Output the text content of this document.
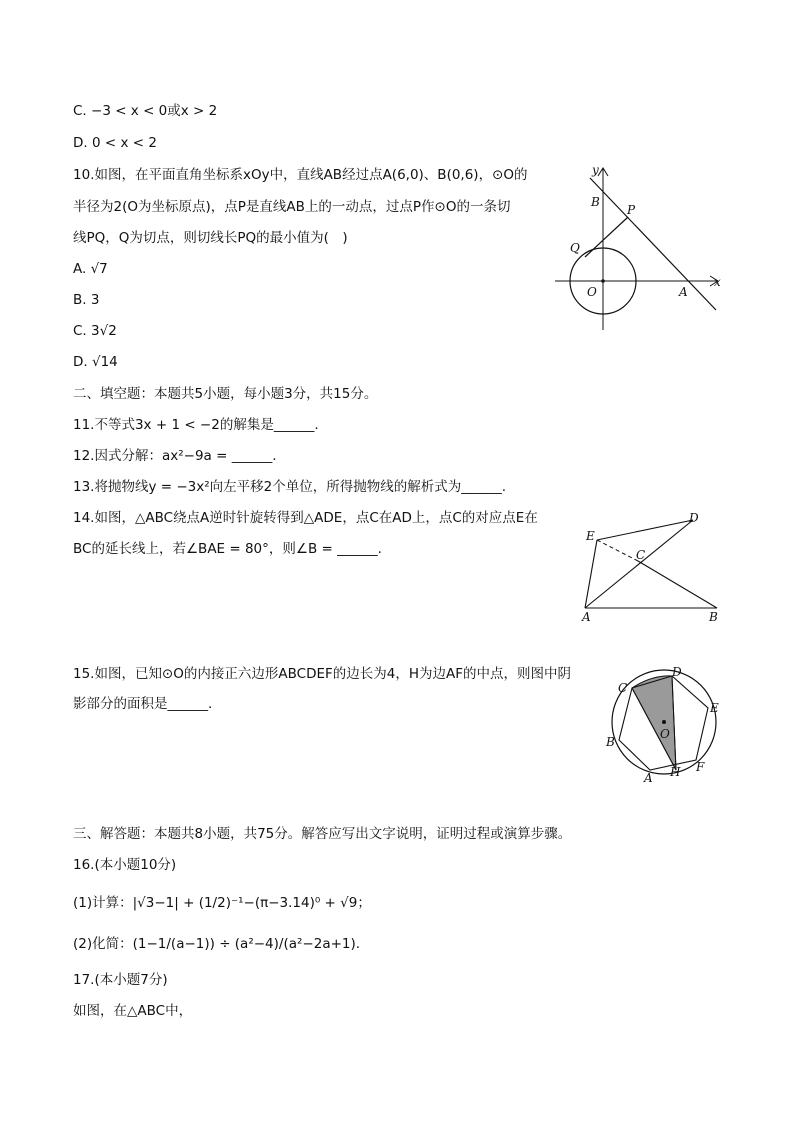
C. −3 < x < 0或x > 2
D. 0 < x < 2
10.如图，在平面直角坐标系xOy中，直线AB经过点A(6,0)、B(0,6)，⊙O的
半径为2(O为坐标原点)，点P是直线AB上的一动点，过点P作⊙O的一条切
线PQ，Q为切点，则切线长PQ的最小值为(　)
A. √7
B. 3
C. 3√2
D. √14
y
x
B
P
Q
O	A
二、填空题：本题共5小题，每小题3分，共15分。
11.不等式3x + 1 < −2的解集是______.
12.因式分解：ax²−9a = ______.
13.将抛物线y = −3x²向左平移2个单位，所得抛物线的解析式为______.
14.如图，△ABC绕点A逆时针旋转得到△ADE，点C在AD上，点C的对应点E在
BC的延长线上，若∠BAE = 80°，则∠B = ______.
E
D
C
A	B
15.如图，已知⊙O的内接正六边形ABCDEF的边长为4，H为边AF的中点，则图中阴
影部分的面积是______.
C
D
E
B
O
A H F
三、解答题：本题共8小题，共75分。解答应写出文字说明，证明过程或演算步骤。
16.(本小题10分)
(1)计算：|√3−1| + (1/2)⁻¹−(π−3.14)⁰ + √9；
(2)化简：(1−1/(a−1)) ÷ (a²−4)/(a²−2a+1).
17.(本小题7分)
如图，在△ABC中，
